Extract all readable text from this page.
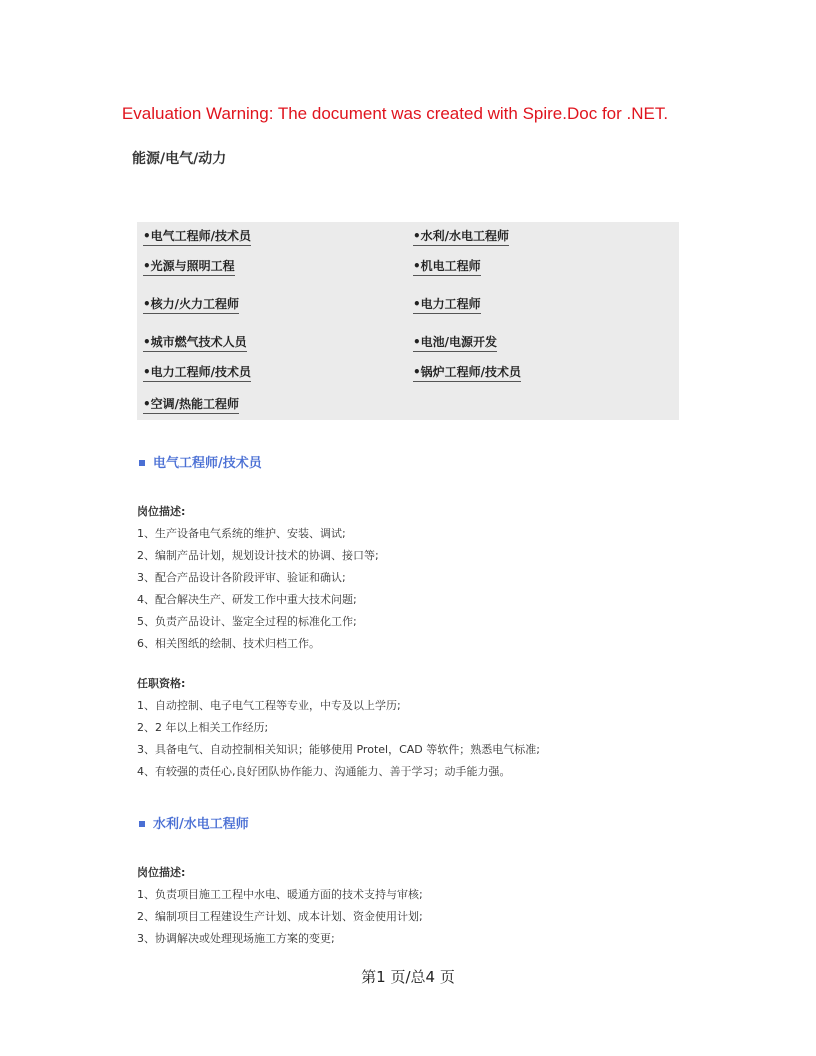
Evaluation Warning: The document was created with Spire.Doc for .NET.
能源/电气/动力
•电气工程师/技术员	•水利/水电工程师
•光源与照明工程	•机电工程师
•核力/火力工程师	•电力工程师
•城市燃气技术人员	•电池/电源开发
•电力工程师/技术员	•锅炉工程师/技术员
•空调/热能工程师
电气工程师/技术员
岗位描述:
1、生产设备电气系统的维护、安装、调试;
2、编制产品计划，规划设计技术的协调、接口等;
3、配合产品设计各阶段评审、验证和确认;
4、配合解决生产、研发工作中重大技术问题;
5、负责产品设计、鉴定全过程的标准化工作;
6、相关图纸的绘制、技术归档工作。
任职资格:
1、自动控制、电子电气工程等专业，中专及以上学历;
2、2 年以上相关工作经历;
3、具备电气、自动控制相关知识；能够使用 Protel，CAD 等软件；熟悉电气标准;
4、有较强的责任心,良好团队协作能力、沟通能力、善于学习；动手能力强。
水利/水电工程师
岗位描述:
1、负责项目施工工程中水电、暖通方面的技术支持与审核;
2、编制项目工程建设生产计划、成本计划、资金使用计划;
3、协调解决或处理现场施工方案的变更;
第1 页/总4 页
